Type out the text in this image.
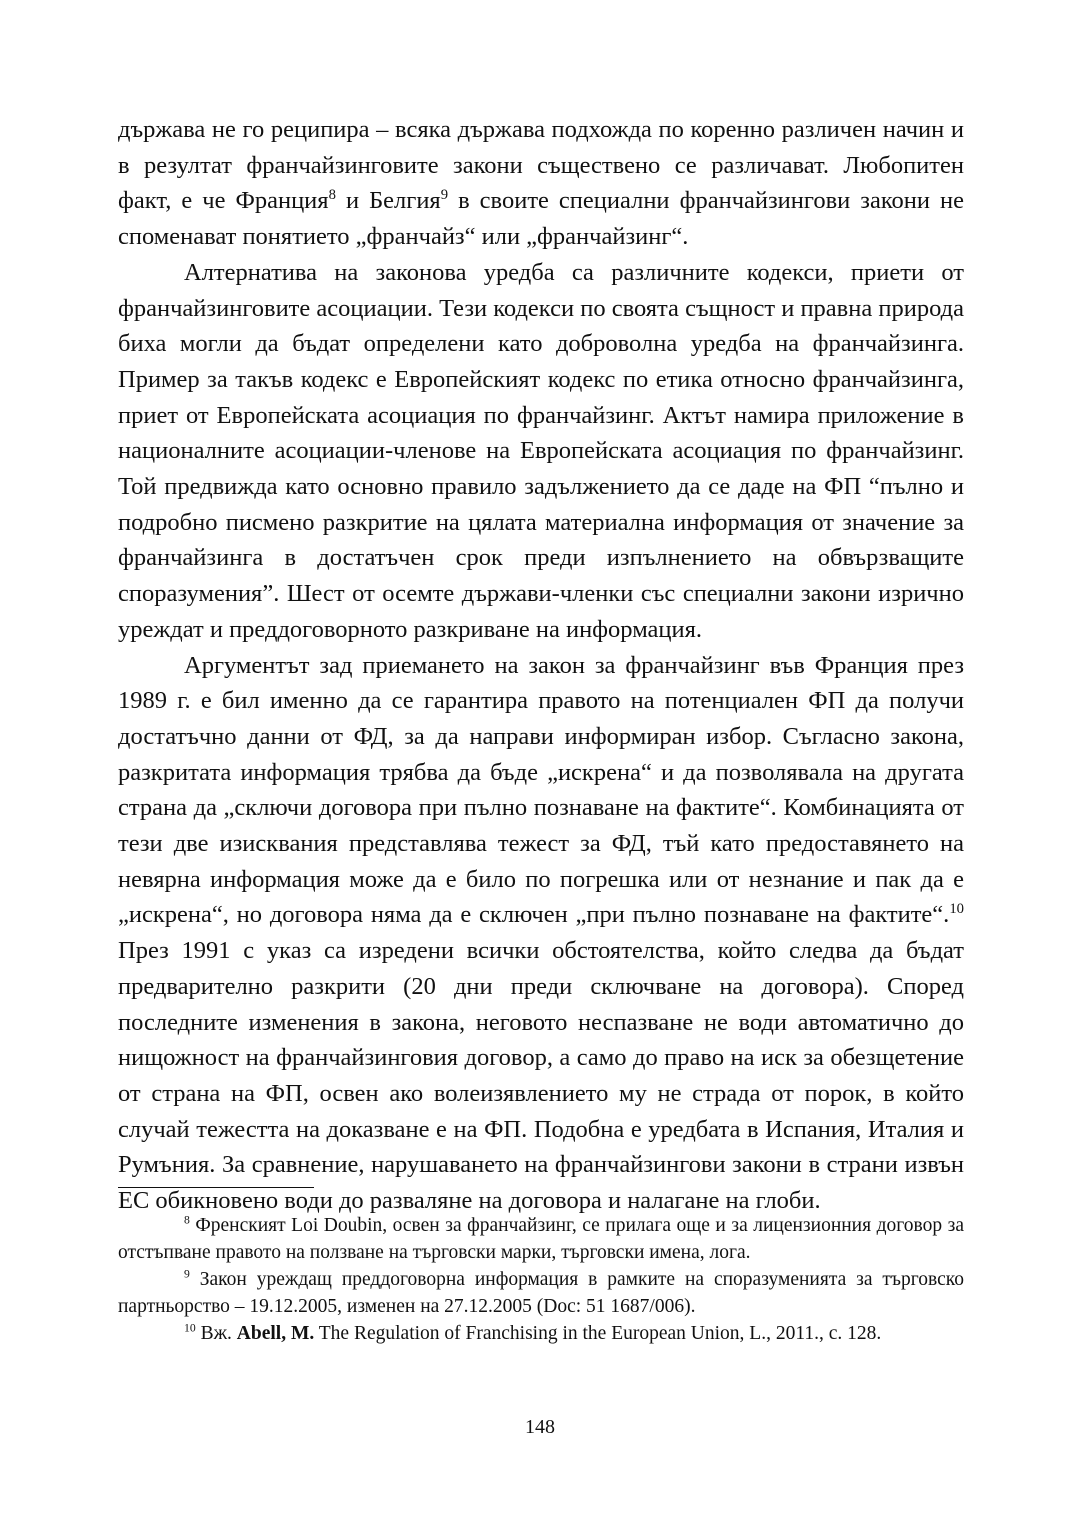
държава не го реципира – всяка държава подхожда по коренно различен начин и в резултат франчайзинговите закони съществено се различават. Любопитен факт, е че Франция$^8$ и Белгия$^9$ в своите специални франчайзингови закони не споменават понятието „франчайз“ или „франчайзинг“.

Алтернатива на законова уредба са различните кодекси, приети от франчайзинговите асоциации. Тези кодекси по своята същност и правна природа биха могли да бъдат определени като доброволна уредба на франчайзинга. Пример за такъв кодекс е Европейският кодекс по етика относно франчайзинга, приет от Европейската асоциация по франчайзинг. Актът намира приложение в националните асоциации-членове на Европейската асоциация по франчайзинг. Той предвижда като основно правило задължението да се даде на ФП “пълно и подробно писмено разкритие на цялата материална информация от значение за франчайзинга в достатъчен срок преди изпълнението на обвързващите споразумения”. Шест от осемте държави-членки със специални закони изрично уреждат и преддоговорното разкриване на информация.

Аргументът зад приемането на закон за франчайзинг във Франция през 1989 г. е бил именно да се гарантира правото на потенциален ФП да получи достатъчно данни от ФД, за да направи информиран избор. Съгласно закона, разкритата информация трябва да бъде „искрена“ и да позволявала на другата страна да „сключи договора при пълно познаване на фактите“. Комбинацията от тези две изисквания представлява тежест за ФД, тъй като предоставянето на невярна информация може да е било по погрешка или от незнание и пак да е „искрена“, но договора няма да е сключен „при пълно познаване на фактите“.$^{10}$ През 1991 с указ са изредени всички обстоятелства, който следва да бъдат предварително разкрити (20 дни преди сключване на договора). Според последните изменения в закона, неговото неспазване не води автоматично до нищожност на франчайзинговия договор, а само до право на иск за обезщетение от страна на ФП, освен ако волеизявлението му не страда от порок, в който случай тежестта на доказване е на ФП. Подобна е уредбата в Испания, Италия и Румъния. За сравнение, нарушаването на франчайзингови закони в страни извън ЕС обикновено води до разваляне на договора и налагане на глоби.

$^8$ Френският Loi Doubin, освен за франчайзинг, се прилага още и за лицензионния договор за отстъпване правото на ползване на търговски марки, търговски имена, лога.

$^9$ Закон уреждащ преддоговорна информация в рамките на споразуменията за търговско партньорство – 19.12.2005, изменен на 27.12.2005 (Doc: 51 1687/006).

$^{10}$ Вж. Abell, M. The Regulation of Franchising in the European Union, L., 2011., с. 128.

148
